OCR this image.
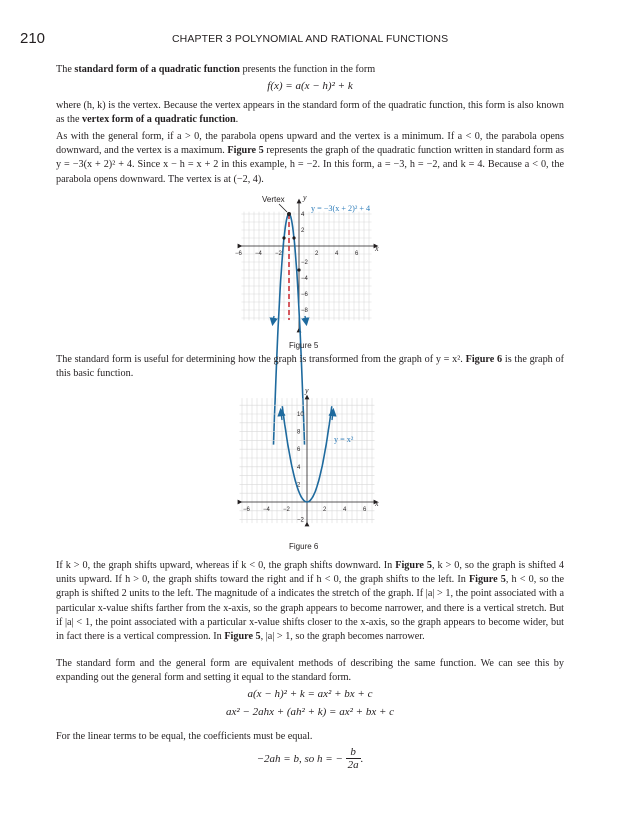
210	CHAPTER 3 POLYNOMIAL AND RATIONAL FUNCTIONS
The standard form of a quadratic function presents the function in the form
f(x) = a(x − h)² + k
where (h, k) is the vertex. Because the vertex appears in the standard form of the quadratic function, this form is also known as the vertex form of a quadratic function.
As with the general form, if a > 0, the parabola opens upward and the vertex is a minimum. If a < 0, the parabola opens downward, and the vertex is a maximum. Figure 5 represents the graph of the quadratic function written in standard form as y = −3(x + 2)² + 4. Since x − h = x + 2 in this example, h = −2. In this form, a = −3, h = −2, and k = 4. Because a < 0, the parabola opens downward. The vertex is at (−2, 4).
−6 −4 −2	2	4	6
4
2
−2
−4
−6
−8
x
y
Vertex
y = −3(x + 2)² + 4
−6 −4 −2	2	4	6
10
8
6
4
2
−2
x
y
y = x²
Figure 5
The standard form is useful for determining how the graph is transformed from the graph of y = x². Figure 6 is the graph of this basic function.
Figure 6
If k > 0, the graph shifts upward, whereas if k < 0, the graph shifts downward. In Figure 5, k > 0, so the graph is shifted 4 units upward. If h > 0, the graph shifts toward the right and if h < 0, the graph shifts to the left. In Figure 5, h < 0, so the graph is shifted 2 units to the left. The magnitude of a indicates the stretch of the graph. If |a| > 1, the point associated with a particular x-value shifts farther from the x-axis, so the graph appears to become narrower, and there is a vertical stretch. But if |a| < 1, the point associated with a particular x-value shifts closer to the x-axis, so the graph appears to become wider, but in fact there is a vertical compression. In Figure 5, |a| > 1, so the graph becomes narrower.
The standard form and the general form are equivalent methods of describing the same function. We can see this by expanding out the general form and setting it equal to the standard form.
a(x − h)² + k = ax² + bx + c
ax² − 2ahx + (ah² + k) = ax² + bx + c
For the linear terms to be equal, the coefficients must be equal.
−2ah = b, so h = − $\frac{b}{2a}$ .
